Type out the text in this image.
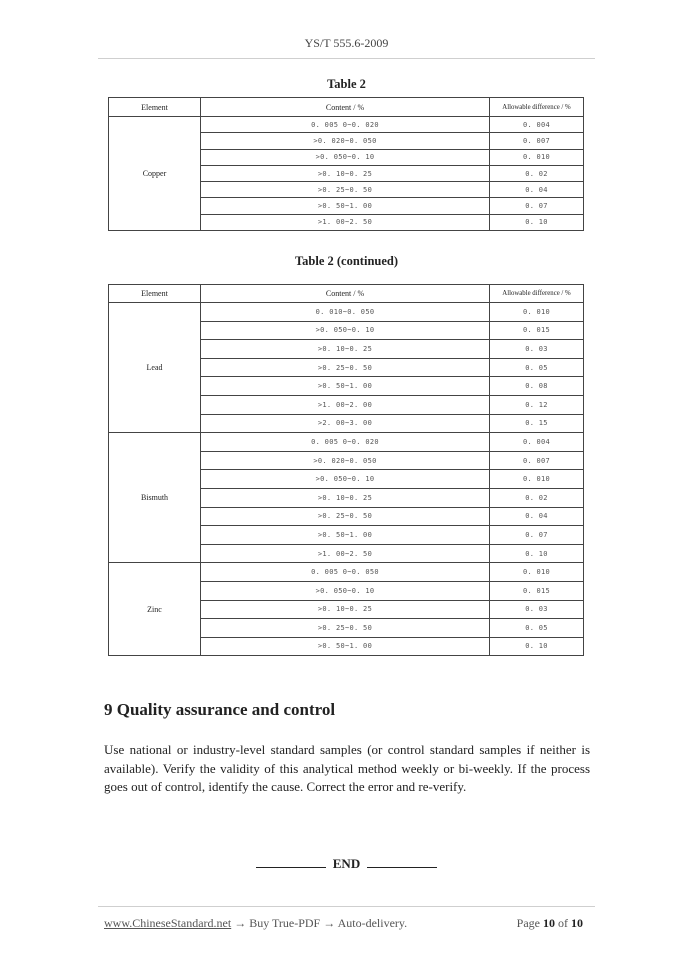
YS/T 555.6-2009
Table 2
Element	Content / %	Allowable difference / %
Copper	0. 005 0~0. 020	0. 004
	>0. 020~0. 050	0. 007
	>0. 050~0. 10	0. 010
	>0. 10~0. 25	0. 02
	>0. 25~0. 50	0. 04
	>0. 50~1. 00	0. 07
	>1. 00~2. 50	0. 10
Table 2 (continued)
Element	Content / %	Allowable difference / %
Lead	0. 010~0. 050	0. 010
	>0. 050~0. 10	0. 015
	>0. 10~0. 25	0. 03
	>0. 25~0. 50	0. 05
	>0. 50~1. 00	0. 08
	>1. 00~2. 00	0. 12
	>2. 00~3. 00	0. 15
Bismuth	0. 005 0~0. 020	0. 004
	>0. 020~0. 050	0. 007
	>0. 050~0. 10	0. 010
	>0. 10~0. 25	0. 02
	>0. 25~0. 50	0. 04
	>0. 50~1. 00	0. 07
	>1. 00~2. 50	0. 10
Zinc	0. 005 0~0. 050	0. 010
	>0. 050~0. 10	0. 015
	>0. 10~0. 25	0. 03
	>0. 25~0. 50	0. 05
	>0. 50~1. 00	0. 10
9 Quality assurance and control
Use national or industry-level standard samples (or control standard samples if neither is available). Verify the validity of this analytical method weekly or bi-weekly. If the process goes out of control, identify the cause. Correct the error and re-verify.
END
www.ChineseStandard.net → Buy True-PDF → Auto-delivery.	Page 10 of 10
